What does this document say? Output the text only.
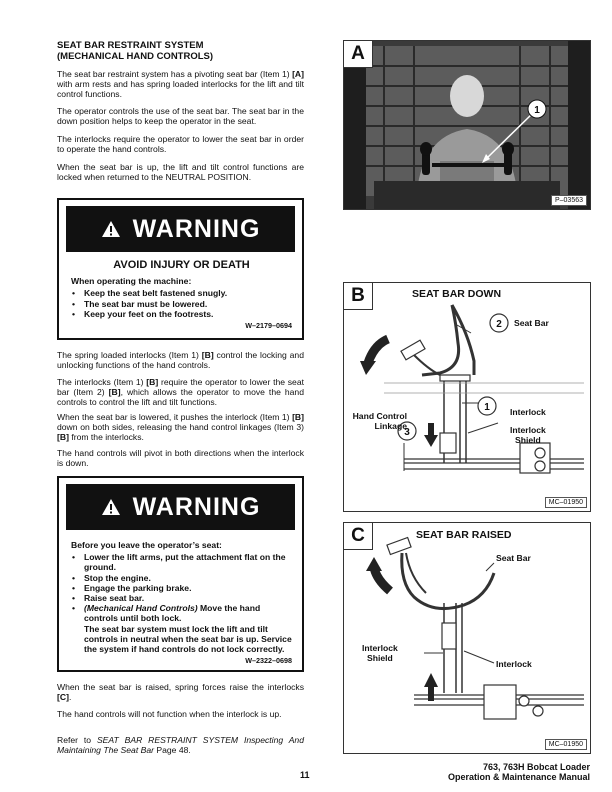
SEAT BAR RESTRAINT SYSTEM
(MECHANICAL HAND CONTROLS)
The seat bar restraint system has a pivoting seat bar (Item 1) [A] with arm rests and has spring loaded interlocks for the lift and tilt control functions.
The operator controls the use of the seat bar. The seat bar in the down position helps to keep the operator in the seat.
The interlocks require the operator to lower the seat bar in order to operate the hand controls.
When the seat bar is up, the lift and tilt control functions are locked when returned to the NEUTRAL POSITION.
WARNING
AVOID INJURY OR DEATH
When operating the machine:
• Keep the seat belt fastened snugly.
• The seat bar must be lowered.
• Keep your feet on the footrests.
W–2179–0694
The spring loaded interlocks (Item 1) [B] control the locking and unlocking functions of the hand controls.
The interlocks (Item 1) [B] require the operator to lower the seat bar (Item 2) [B], which allows the operator to move the hand controls to control the lift and tilt functions.
When the seat bar is lowered, it pushes the interlock (Item 1) [B] down on both sides, releasing the hand control linkages (Item 3) [B] from the interlocks.
The hand controls will pivot in both directions when the interlock is down.
WARNING
Before you leave the operator’s seat:
• Lower the lift arms, put the attachment flat on the ground.
• Stop the engine.
• Engage the parking brake.
• Raise seat bar.
• (Mechanical Hand Controls) Move the hand controls until both lock.
The seat bar system must lock the lift and tilt controls in neutral when the seat bar is up. Service the system if hand controls do not lock correctly.
W–2322–0698
When the seat bar is raised, spring forces raise the interlocks [C].
The hand controls will not function when the interlock is up.
Refer to SEAT BAR RESTRAINT SYSTEM Inspecting And Maintaining The Seat Bar Page 48.
1
A
P–03563
2
1
3
B	SEAT BAR DOWN
Seat Bar
Interlock
Interlock
Shield
Hand Control
Linkage
MC–01950
C	SEAT BAR RAISED
Seat Bar
Interlock
Interlock
Shield
MC–01950
11
763, 763H Bobcat Loader
Operation & Maintenance Manual
